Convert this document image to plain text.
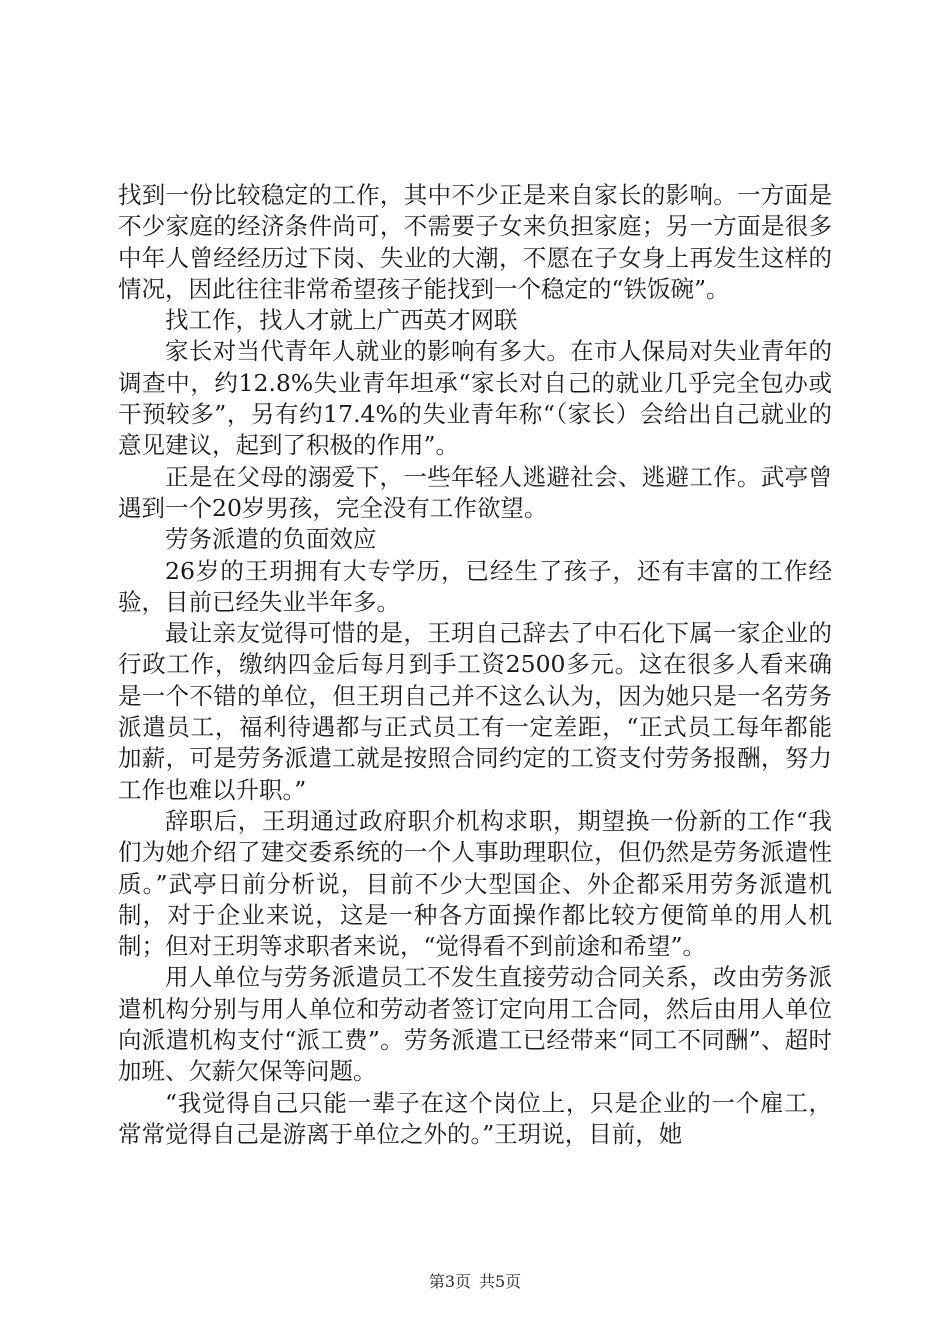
找到一份比较稳定的工作，其中不少正是来自家长的影响。一方面是不少家庭的经济条件尚可，不需要子女来负担家庭；另一方面是很多中年人曾经经历过下岗、失业的大潮，不愿在子女身上再发生这样的情况，因此往往非常希望孩子能找到一个稳定的“铁饭碗”。

找工作，找人才就上广西英才网联

家长对当代青年人就业的影响有多大。在市人保局对失业青年的调查中，约12.8%失业青年坦承“家长对自己的就业几乎完全包办或干预较多”，另有约17.4%的失业青年称“（家长）会给出自己就业的意见建议，起到了积极的作用”。

正是在父母的溺爱下，一些年轻人逃避社会、逃避工作。武亭曾遇到一个20岁男孩，完全没有工作欲望。

劳务派遣的负面效应

26岁的王玥拥有大专学历，已经生了孩子，还有丰富的工作经验，目前已经失业半年多。

最让亲友觉得可惜的是，王玥自己辞去了中石化下属一家企业的行政工作，缴纳四金后每月到手工资2500多元。这在很多人看来确是一个不错的单位，但王玥自己并不这么认为，因为她只是一名劳务派遣员工，福利待遇都与正式员工有一定差距，“正式员工每年都能加薪，可是劳务派遣工就是按照合同约定的工资支付劳务报酬，努力工作也难以升职。”

辞职后，王玥通过政府职介机构求职，期望换一份新的工作“我们为她介绍了建交委系统的一个人事助理职位，但仍然是劳务派遣性质。”武亭日前分析说，目前不少大型国企、外企都采用劳务派遣机制，对于企业来说，这是一种各方面操作都比较方便简单的用人机制；但对王玥等求职者来说，“觉得看不到前途和希望”。

用人单位与劳务派遣员工不发生直接劳动合同关系，改由劳务派遣机构分别与用人单位和劳动者签订定向用工合同，然后由用人单位向派遣机构支付“派工费”。劳务派遣工已经带来“同工不同酬”、超时加班、欠薪欠保等问题。

“我觉得自己只能一辈子在这个岗位上，只是企业的一个雇工，常常觉得自己是游离于单位之外的。”王玥说，目前，她

第3页 共5页
